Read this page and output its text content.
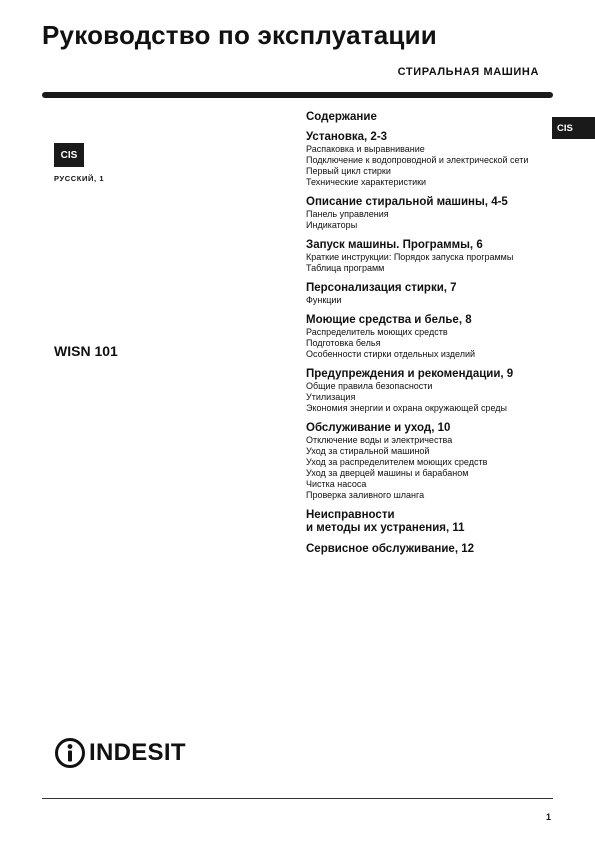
Руководство по эксплуатации
СТИРАЛЬНАЯ МАШИНА
CIS
РУССКИЙ, 1
WISN 101
CIS
Содержание
Установка, 2-3
Распаковка и выравнивание
Подключение к водопроводной и электрической сети
Первый цикл стирки
Технические характеристики
Описание стиральной машины, 4-5
Панель управления
Индикаторы
Запуск машины. Программы, 6
Краткие инструкции: Порядок запуска программы
Таблица программ
Персонализация стирки, 7
Функции
Моющие средства и белье, 8
Распределитель моющих средств
Подготовка белья
Особенности стирки отдельных изделий
Предупреждения и рекомендации, 9
Общие правила безопасности
Утилизация
Экономия энергии и охрана окружающей среды
Обслуживание и уход, 10
Отключение воды и электричества
Уход за стиральной машиной
Уход за распределителем моющих средств
Уход за дверцей машины и барабаном
Чистка насоса
Проверка заливного шланга
Неисправности
и методы их устранения, 11
Сервисное обслуживание, 12
INDESIT
1
